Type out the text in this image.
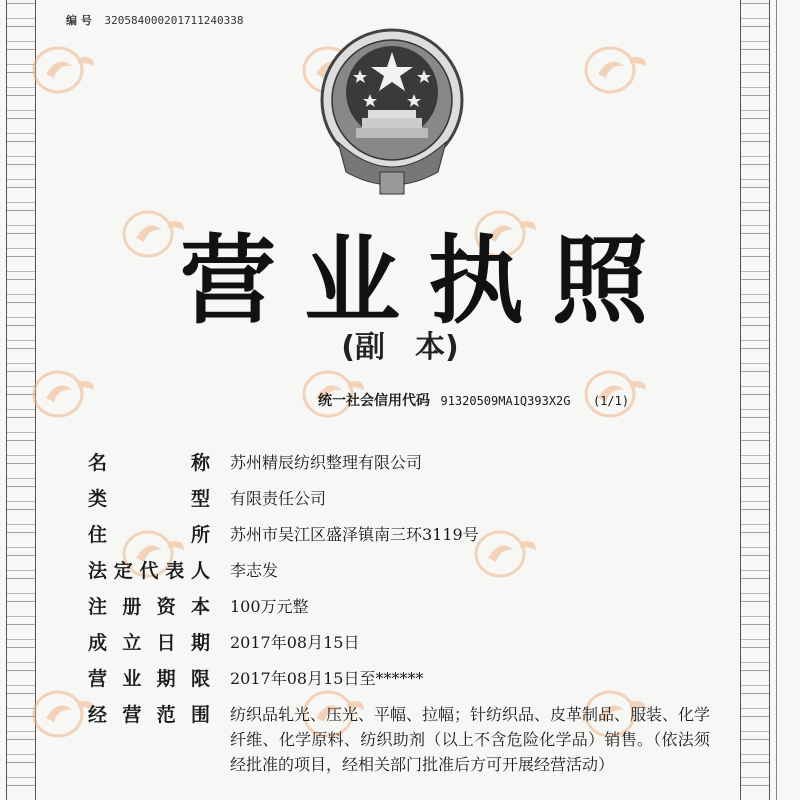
编 号 320584000201711240338
营业执照
(副　本)
统一社会信用代码 91320509MA1Q393X2G (1/1)
名	称 苏州精辰纺织整理有限公司
类	型 有限责任公司
住	所 苏州市吴江区盛泽镇南三环3119号
法 定 代 表 人 李志发
注 册 资 本 100万元整
成 立 日 期 2017年08月15日
营 业 期 限 2017年08月15日至******
经 营 范 围 纺织品轧光、压光、平幅、拉幅；针纺织品、皮革制品、服装、化学纤维、化学原料、纺织助剂（以上不含危险化学品）销售。（依法须经批准的项目，经相关部门批准后方可开展经营活动）
